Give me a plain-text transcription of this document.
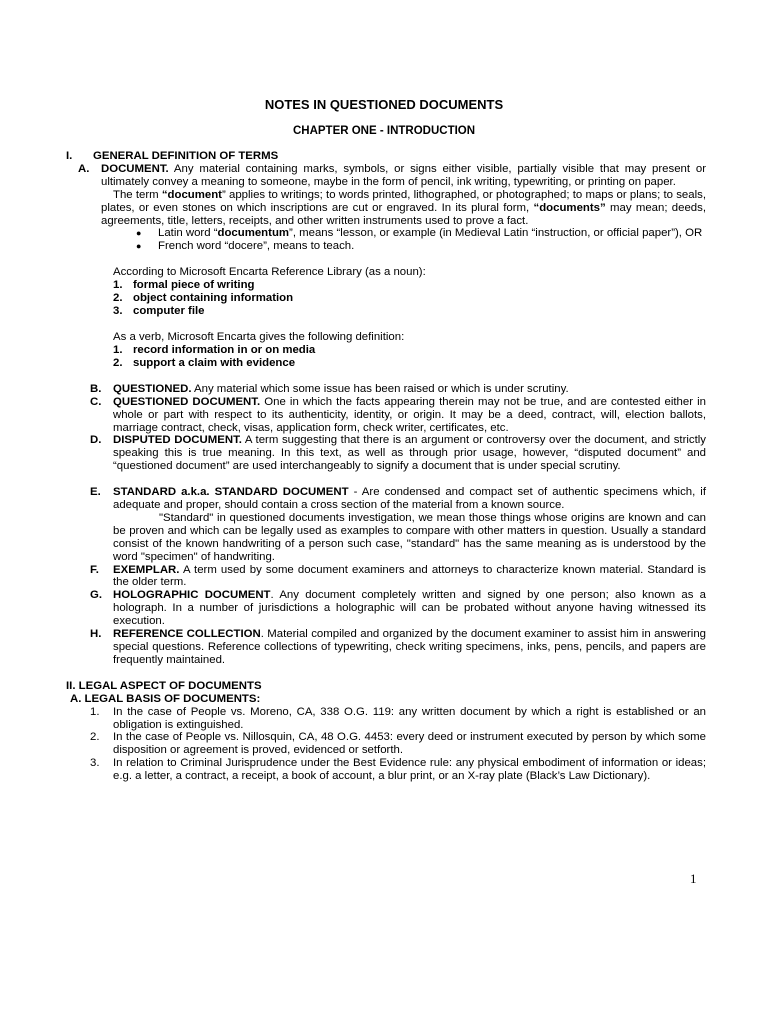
NOTES IN QUESTIONED DOCUMENTS
CHAPTER ONE - INTRODUCTION
I.	GENERAL DEFINITION OF TERMS
A.	DOCUMENT. Any material containing marks, symbols, or signs either visible, partially visible that may present or ultimately convey a meaning to someone, maybe in the form of pencil, ink writing, typewriting, or printing on paper.
The term “document” applies to writings; to words printed, lithographed, or photographed; to maps or plans; to seals, plates, or even stones on which inscriptions are cut or engraved. In its plural form, “documents” may mean; deeds, agreements, title, letters, receipts, and other written instruments used to prove a fact.
●	Latin word “documentum”, means “lesson, or example (in Medieval Latin “instruction, or official paper”), OR
●	French word “docere”, means to teach.
According to Microsoft Encarta Reference Library (as a noun):
1. formal piece of writing
2. object containing information
3. computer file
As a verb, Microsoft Encarta gives the following definition:
1. record information in or on media
2. support a claim with evidence
B.	QUESTIONED. Any material which some issue has been raised or which is under scrutiny.
C.	QUESTIONED DOCUMENT. One in which the facts appearing therein may not be true, and are contested either in whole or part with respect to its authenticity, identity, or origin. It may be a deed, contract, will, election ballots, marriage contract, check, visas, application form, check writer, certificates, etc.
D.	DISPUTED DOCUMENT. A term suggesting that there is an argument or controversy over the document, and strictly speaking this is true meaning. In this text, as well as through prior usage, however, “disputed document” and “questioned document” are used interchangeably to signify a document that is under special scrutiny.
E.	STANDARD a.k.a. STANDARD DOCUMENT - Are condensed and compact set of authentic specimens which, if adequate and proper, should contain a cross section of the material from a known source.
"Standard" in questioned documents investigation, we mean those things whose origins are known and can be proven and which can be legally used as examples to compare with other matters in question. Usually a standard consist of the known handwriting of a person such case, "standard" has the same meaning as is understood by the word "specimen" of handwriting.
F.	EXEMPLAR. A term used by some document examiners and attorneys to characterize known material. Standard is the older term.
G. HOLOGRAPHIC DOCUMENT. Any document completely written and signed by one person; also known as a holograph. In a number of jurisdictions a holographic will can be probated without anyone having witnessed its execution.
H.	REFERENCE COLLECTION. Material compiled and organized by the document examiner to assist him in answering special questions. Reference collections of typewriting, check writing specimens, inks, pens, pencils, and papers are frequently maintained.
II. LEGAL ASPECT OF DOCUMENTS
A. LEGAL BASIS OF DOCUMENTS:
1.	In the case of People vs. Moreno, CA, 338 O.G. 119: any written document by which a right is established or an obligation is extinguished.
2.	In the case of People vs. Nillosquin, CA, 48 O.G. 4453: every deed or instrument executed by person by which some disposition or agreement is proved, evidenced or setforth.
3.	In relation to Criminal Jurisprudence under the Best Evidence rule: any physical embodiment of information or ideas; e.g. a letter, a contract, a receipt, a book of account, a blur print, or an X-ray plate (Black’s Law Dictionary).
1
